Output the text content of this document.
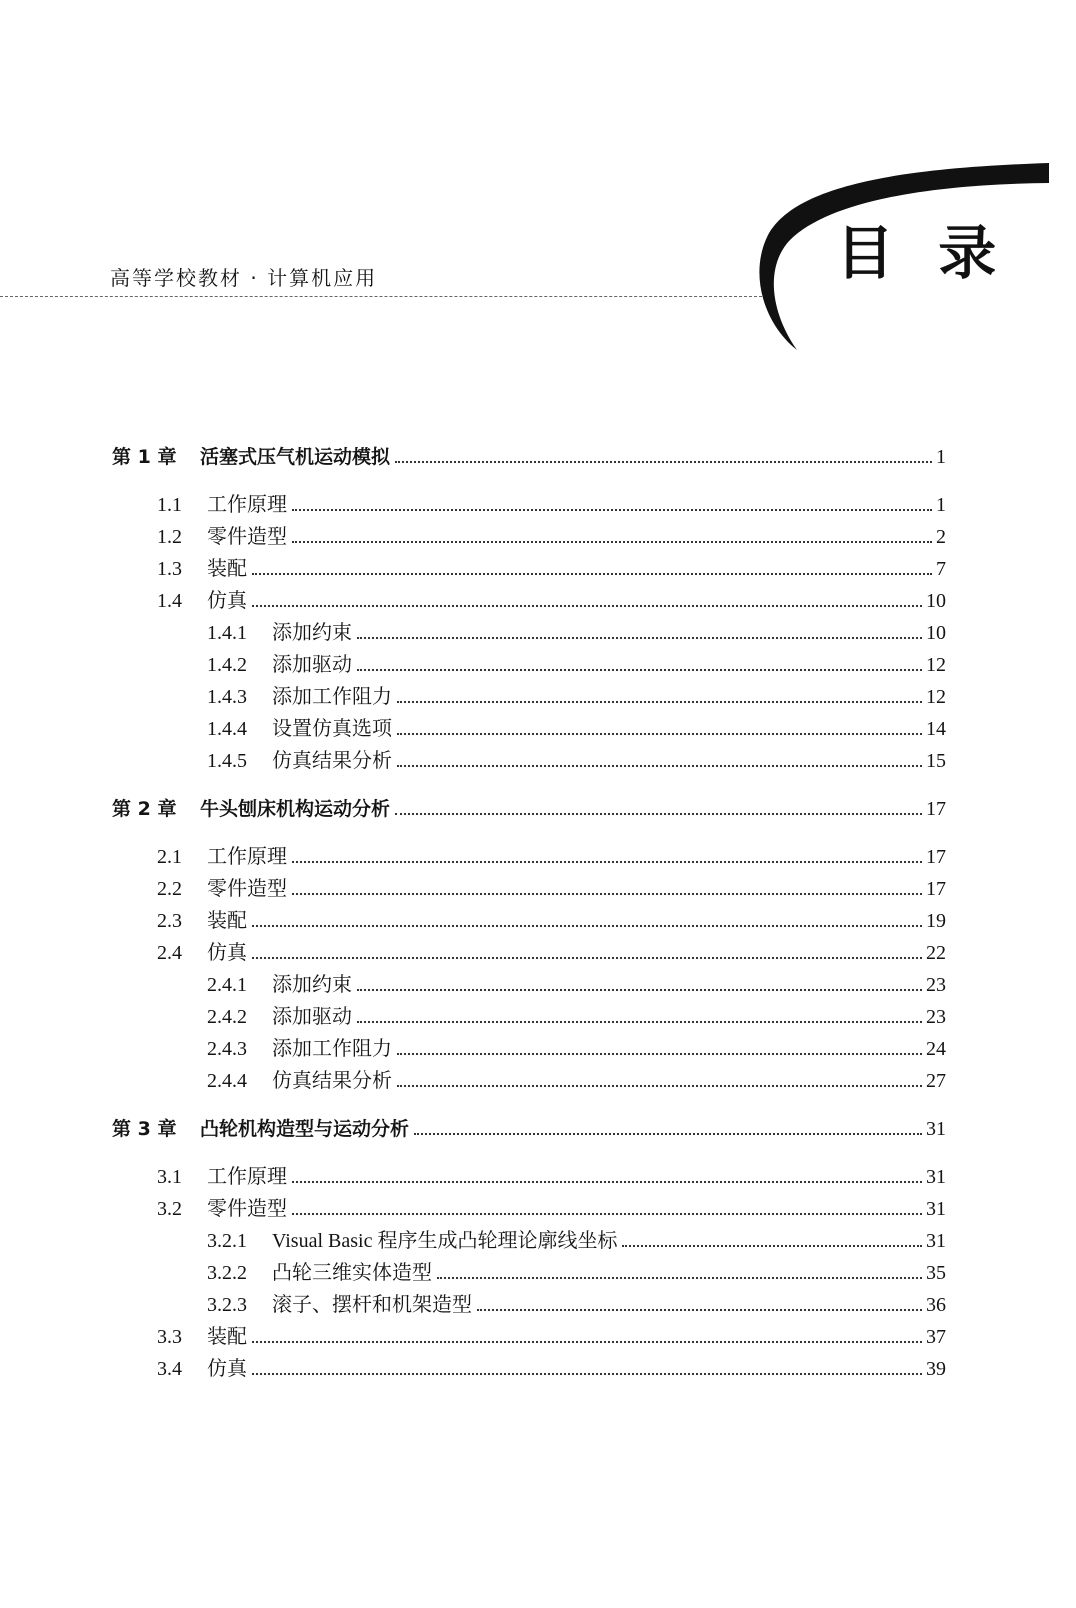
高等学校教材 · 计算机应用	目 录
第 1 章	活塞式压气机运动模拟	1
1.1	工作原理	1
1.2	零件造型	2
1.3	装配	7
1.4	仿真	10
1.4.1	添加约束	10
1.4.2	添加驱动	12
1.4.3	添加工作阻力	12
1.4.4	设置仿真选项	14
1.4.5	仿真结果分析	15
第 2 章	牛头刨床机构运动分析	17
2.1	工作原理	17
2.2	零件造型	17
2.3	装配	19
2.4	仿真	22
2.4.1	添加约束	23
2.4.2	添加驱动	23
2.4.3	添加工作阻力	24
2.4.4	仿真结果分析	27
第 3 章	凸轮机构造型与运动分析	31
3.1	工作原理	31
3.2	零件造型	31
3.2.1	Visual Basic 程序生成凸轮理论廓线坐标	31
3.2.2	凸轮三维实体造型	35
3.2.3	滚子、摆杆和机架造型	36
3.3	装配	37
3.4	仿真	39
